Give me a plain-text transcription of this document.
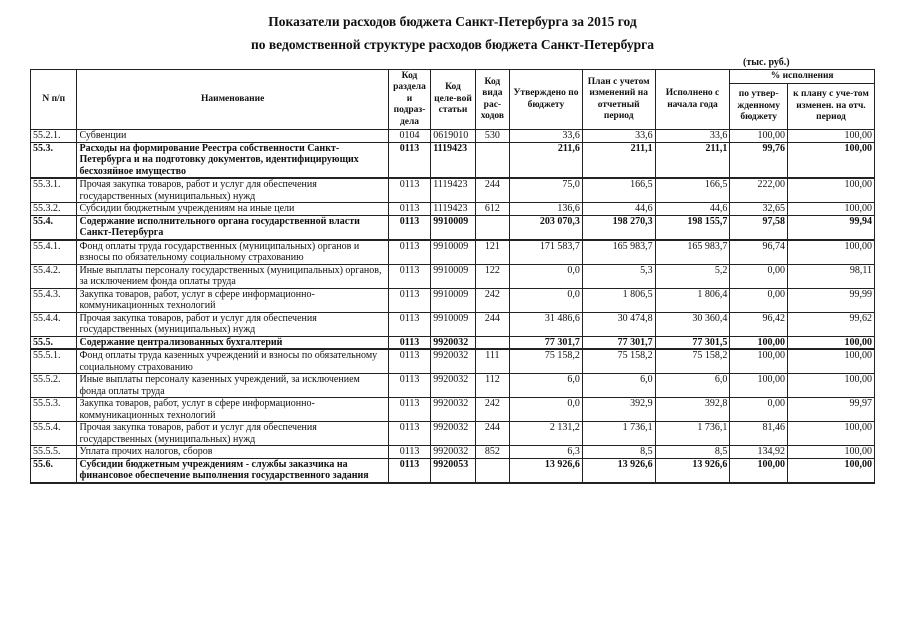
Показатели расходов бюджета Санкт-Петербурга за 2015 год
по ведомственной структуре расходов бюджета Санкт-Петербурга
(тыс. руб.)
N п/п	Наименование	Код раздела и подраз-дела	Код целе-вой статьи	Код вида рас-ходов	Утверждено по бюджету	План с учетом изменений на отчетный период	Исполнено с начала года	% исполнения	
								по утвер-жденному бюджету	к плану с уче-том изменен. на отч. период
55.2.1.	Субвенции	0104	0619010	530	33,6	33,6	33,6	100,00	100,00
55.3.	Расходы на формирование Реестра собственности Санкт-Петербурга и на подготовку документов, идентифицирующих бесхозяйное имущество	0113	1119423		211,6	211,1	211,1	99,76	100,00
55.3.1.	Прочая закупка товаров, работ и услуг для обеспечения государственных (муниципальных) нужд	0113	1119423	244	75,0	166,5	166,5	222,00	100,00
55.3.2.	Субсидии бюджетным учреждениям на иные цели	0113	1119423	612	136,6	44,6	44,6	32,65	100,00
55.4.	Содержание исполнительного органа государственной власти Санкт-Петербурга	0113	9910009		203 070,3	198 270,3	198 155,7	97,58	99,94
55.4.1.	Фонд оплаты труда государственных (муниципальных) органов и взносы по обязательному социальному страхованию	0113	9910009	121	171 583,7	165 983,7	165 983,7	96,74	100,00
55.4.2.	Иные выплаты персоналу государственных (муниципальных) органов, за исключением фонда оплаты труда	0113	9910009	122	0,0	5,3	5,2	0,00	98,11
55.4.3.	Закупка товаров, работ, услуг в сфере информационно-коммуникационных технологий	0113	9910009	242	0,0	1 806,5	1 806,4	0,00	99,99
55.4.4.	Прочая закупка товаров, работ и услуг для обеспечения государственных (муниципальных) нужд	0113	9910009	244	31 486,6	30 474,8	30 360,4	96,42	99,62
55.5.	Содержание централизованных бухгалтерий	0113	9920032		77 301,7	77 301,7	77 301,5	100,00	100,00
55.5.1.	Фонд оплаты труда казенных учреждений и взносы по обязательному социальному страхованию	0113	9920032	111	75 158,2	75 158,2	75 158,2	100,00	100,00
55.5.2.	Иные выплаты персоналу казенных учреждений, за исключением фонда оплаты труда	0113	9920032	112	6,0	6,0	6,0	100,00	100,00
55.5.3.	Закупка товаров, работ, услуг в сфере информационно-коммуникационных технологий	0113	9920032	242	0,0	392,9	392,8	0,00	99,97
55.5.4.	Прочая закупка товаров, работ и услуг для обеспечения государственных (муниципальных) нужд	0113	9920032	244	2 131,2	1 736,1	1 736,1	81,46	100,00
55.5.5.	Уплата прочих налогов, сборов	0113	9920032	852	6,3	8,5	8,5	134,92	100,00
55.6.	Субсидии бюджетным учреждениям - службы заказчика на финансовое обеспечение выполнения государственного задания	0113	9920053		13 926,6	13 926,6	13 926,6	100,00	100,00
